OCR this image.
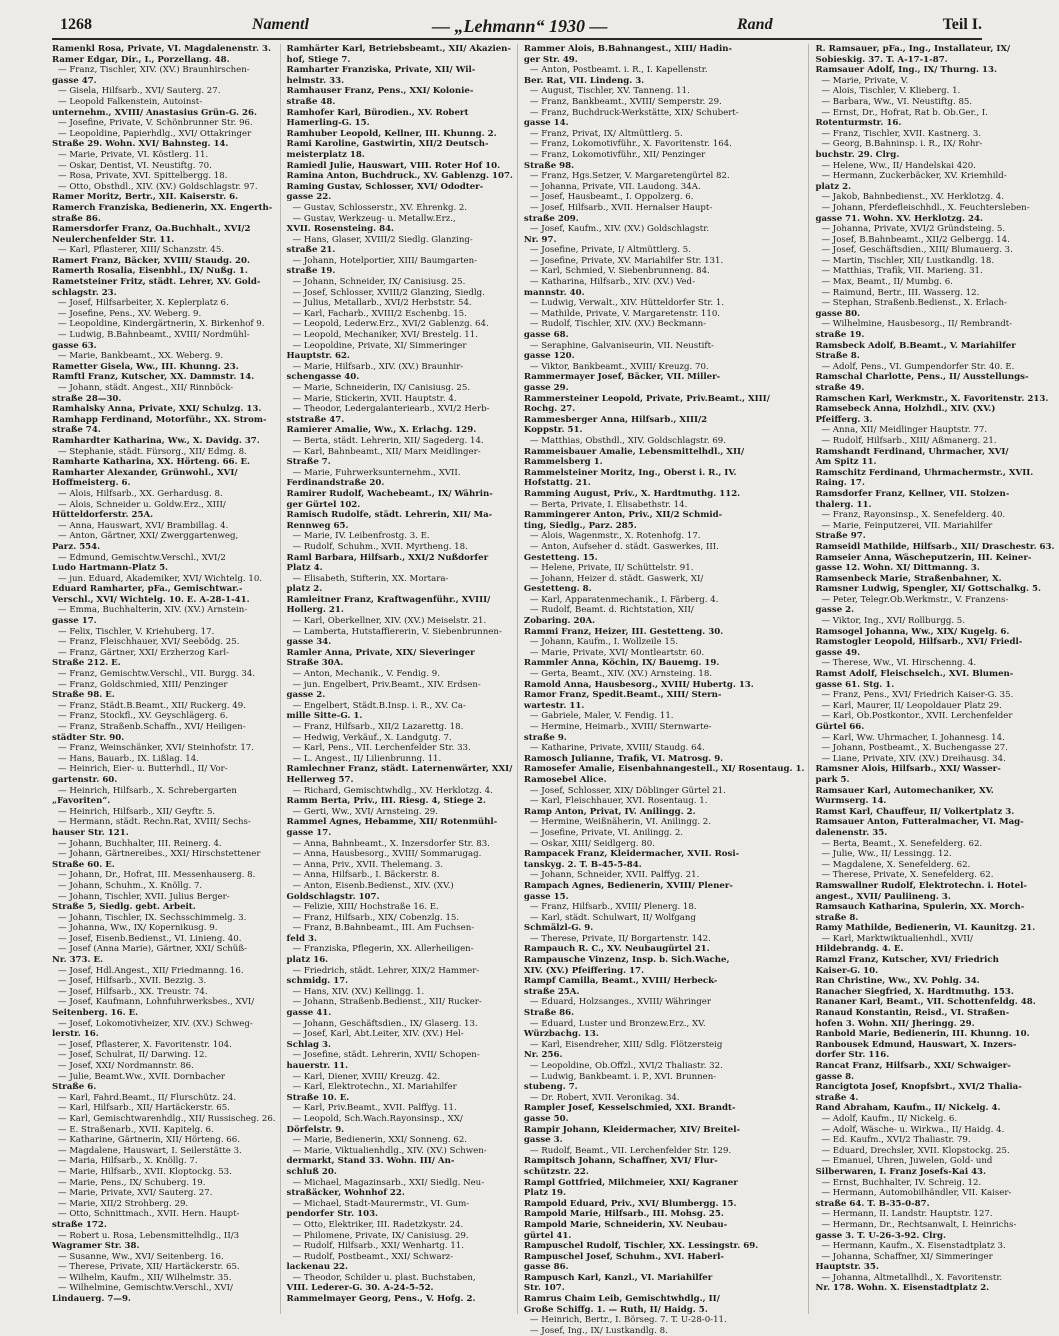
1268	Namentl	— „Lehmann“ 1930 —	Rand	Teil I.

Ramenkl Rosa, Private, VI. Magdalenenstr. 3.

Ramer Edgar, Dir., I., Porzellang. 48.

— Franz, Tischler, XIV. (XV.) Braunhirschen-

gasse 47.

— Gisela, Hilfsarb., XVI/ Sauterg. 27.

— Leopold Falkenstein, Autoinst-

unternehm., XVIII/ Anastasius Grün-G. 26.

— Josefine, Private, V. Schönbrunner Str. 96.

— Leopoldine, Papierhdlg., XVI/ Ottakringer

Straße 29. Wohn. XVI/ Bahnsteg. 14.

— Marie, Private, VI. Köstlerg. 11.

— Oskar, Dentist, VI. Neustiftg. 70.

— Rosa, Private, XVI. Spittelbergg. 18.

— Otto, Obsthdl., XIV. (XV.) Goldschlagstr. 97.

Ramer Moritz, Bertr., XII. Kaiserstr. 6.

Ramerch Franziska, Bedienerin, XX. Engerth-

straße 86.

Ramersdorfer Franz, Oa.Buchhalt., XVI/2

Neulerchenfelder Str. 11.

— Karl, Pflasterer, XIII/ Schanzstr. 45.

Ramert Franz, Bäcker, XVIII/ Staudg. 20.

Ramerth Rosalia, Eisenbhl., IX/ Nußg. 1.

Rametsteiner Fritz, städt. Lehrer, XV. Gold-

schlagstr. 23.

— Josef, Hilfsarbeiter, X. Keplerplatz 6.

— Josefine, Pens., XV. Weberg. 9.

— Leopoldine, Kindergärtnerin, X. Birkenhof 9.

— Ludwig, B.Bahnbeamt., XVIII/ Nordmühl-

gasse 63.

— Marie, Bankbeamt., XX. Weberg. 9.

Rametter Gisela, Ww., III. Khunng. 23.

Ramftl Franz, Kutscher, XX. Dammstr. 14.

— Johann, städt. Angest., XII/ Rinnböck-

straße 28—30.

Ramhalsky Anna, Private, XXI/ Schulzg. 13.

Ramhapp Ferdinand, Motorführ., XX. Strom-

straße 74.

Ramhardter Katharina, Ww., X. Davidg. 37.

— Stephanie, städt. Fürsorg., XII/ Edmg. 8.

Ramharte Katharina, XX. Hörteng. 66. E.

Ramharter Alexander, Grünwohl., XVI/

Hoffmeisterg. 6.

— Alois, Hilfsarb., XX. Gerhardusg. 8.

— Alois, Schneider u. Goldw.Erz., XIII/

Hütteldorferstr. 25A.

— Anna, Hauswart, XVI/ Brambillag. 4.

— Anton, Gärtner, XXI/ Zwerggartenweg,

Parz. 554.

— Edmund, Gemischtw.Verschl., XVI/2

Ludo Hartmann-Platz 5.

— jun. Eduard, Akademiker, XVI/ Wichtelg. 10.

Eduard Ramharter, pFa., Gemischtwar.-

Verschl., XVI/ Wichtelg. 10. E. A-28-1-41.

— Emma, Buchhalterin, XIV. (XV.) Arnstein-

gasse 17.

— Felix, Tischler, V. Kriehuberg. 17.

— Franz, Fleischhauer, XVI/ Seebödg. 25.

— Franz, Gärtner, XXI/ Erzherzog Karl-

Straße 212. E.

— Franz, Gemischtw.Verschl., VII. Burgg. 34.

— Franz, Goldschmied, XIII/ Penzinger

Straße 98. E.

— Franz, Städt.B.Beamt., XII/ Ruckerg. 49.

— Franz, Stockfl., XV. Geyschlägerg. 6.

— Franz, Straßenb.Schaffn., XVI/ Heiligen-

städter Str. 90.

— Franz, Weinschänker, XVI/ Steinhofstr. 17.

— Hans, Bauarb., IX. Lißlag. 14.

— Heinrich, Eier- u. Butterhdl., II/ Vor-

gartenstr. 60.

— Heinrich, Hilfsarb., X. Schrebergarten

„Favoriten“.

— Heinrich, Hilfsarb., XII/ Geyftr. 5.

— Hermann, städt. Rechn.Rat, XVIII/ Sechs-

hauser Str. 121.

— Johann, Buchhalter, III. Reinerg. 4.

— Johann, Gärtnereibes., XXI/ Hirschstettener

Straße 60. E.

— Johann, Dr., Hofrat, III. Messenhauserg. 8.

— Johann, Schuhm., X. Knöllg. 7.

— Johann, Tischler, XVII. Julius Berger-

Straße 5, Siedlg. gebt. Arbeit.

— Johann, Tischler, IX. Sechsschimmelg. 3.

— Johanna, Ww., IX/ Kopernikusg. 9.

— Josef, Eisenb.Bedienst., VI. Linieng. 40.

— Josef (Anna Marie), Gärtner, XXI/ Schüß-

Nr. 373. E.

— Josef, Hdl.Angest., XII/ Friedmanng. 16.

— Josef, Hilfsarb., XVII. Bezzig. 3.

— Josef, Hilfsarb., XX. Treustr. 74.

— Josef, Kaufmann, Lohnfuhrwerksbes., XVI/

Seitenberg. 16. E.

— Josef, Lokomotivheizer, XIV. (XV.) Schweg-

lerstr. 16.

— Josef, Pflasterer, X. Favoritenstr. 104.

— Josef, Schulrat, II/ Darwing. 12.

— Josef, XXI/ Nordmannstr. 86.

— Julie, Beamt.Ww., XVII. Dornbacher

Straße 6.

— Karl, Fahrd.Beamt., II/ Flurschütz. 24.

— Karl, Hilfsarb., XII/ Hartäckerstr. 65.

— Karl, Gemischtwarenhdlg., XII/ Russischeg. 26.

— E. Straßenarb., XVII. Kapitelg. 6.

— Katharine, Gärtnerin, XII/ Hörteng. 66.

— Magdalene, Hauswart, I. Seilerstätte 3.

— Maria, Hilfsarb., X. Knöllg. 7.

— Marie, Hilfsarb., XVII. Kloptockg. 53.

— Marie, Pens., IX/ Schuberg. 19.

— Marie, Private, XVI/ Sauterg. 27.

— Marie, XII/2 Strohberg. 29.

— Otto, Schnittmach., XVII. Hern. Haupt-

straße 172.

— Robert u. Rosa, Lebensmittelhdlg., II/3

Wagramer Str. 38.

— Susanne, Ww., XVI/ Seitenberg. 16.

— Therese, Private, XII/ Hartäckerstr. 65.

— Wilhelm, Kaufm., XII/ Wilhelmstr. 35.

— Wilhelmine, Gemischtw.Verschl., XVI/

Lindauerg. 7—9.

Ramhärter Karl, Betriebsbeamt., XII/ Akazien-

hof, Stiege 7.

Ramharter Franziska, Private, XII/ Wil-

helmstr. 33.

Ramhauser Franz, Pens., XXI/ Kolonie-

straße 48.

Ramhofer Karl, Bürodien., XV. Robert

Hamerling-G. 15.

Ramhuber Leopold, Kellner, III. Khunng. 2.

Rami Karoline, Gastwirtin, XII/2 Deutsch-

meisterplatz 18.

Ramiedl Julie, Hauswart, VIII. Roter Hof 10.

Ramina Anton, Buchdruck., XV. Gablenzg. 107.

Raming Gustav, Schlosser, XVI/ Ododter-

gasse 22.

— Gustav, Schlosserstr., XV. Ehrenkg. 2.

— Gustav, Werkzeug- u. Metallw.Erz.,

XVII. Rosensteing. 84.

— Hans, Glaser, XVIII/2 Siedlg. Glanzing-

straße 21.

— Johann, Hotelportier, XIII/ Baumgarten-

straße 19.

— Johann, Schneider, IX/ Canisiusg. 25.

— Josef, Schlosser, XVIII/2 Glanzing, Siedlg.

— Julius, Metallarb., XVI/2 Herbststr. 54.

— Karl, Facharb., XVIII/2 Eschenbg. 15.

— Leopold, Lederw.Erz., XVI/2 Gablenzg. 64.

— Leopold, Mechaniker, XVI/ Brestelg. 11.

— Leopoldine, Private, XI/ Simmeringer

Hauptstr. 62.

— Marie, Hilfsarb., XIV. (XV.) Braunhir-

schengasse 40.

— Marie, Schneiderin, IX/ Canisiusg. 25.

— Marie, Stickerin, XVII. Hauptstr. 4.

— Theodor, Ledergalanteriearb., XVI/2 Herb-

ststraße 47.

Ramierer Amalie, Ww., X. Erlachg. 129.

— Berta, städt. Lehrerin, XII/ Sagederg. 14.

— Karl, Bahnbeamt., XII/ Marx Meidlinger-

Straße 7.

— Marie, Fuhrwerksunternehm., XVII.

Ferdinandstraße 20.

Ramirer Rudolf, Wachebeamt., IX/ Währin-

ger Gürtel 102.

Ramisch Rudolfe, städt. Lehrerin, XII/ Ma-

Rennweg 65.

— Marie, IV. Leibenfrostg. 3. E.

— Rudolf, Schuhm., XVII. Myrtheng. 18.

Raml Barbara, Hilfsarb., XXI/2 Nußdorfer

Platz 4.

— Elisabeth, Stifterin, XX. Mortara-

platz 2.

Ramleitner Franz, Kraftwagenführ., XVIII/

Hollerg. 21.

— Karl, Oberkellner, XIV. (XV.) Meiselstr. 21.

— Lamberta, Hutstaffiererin, V. Siebenbrunnen-

gasse 34.

Ramler Anna, Private, XIX/ Sieveringer

Straße 30A.

— Anton, Mechanik., V. Fendig. 9.

— jun. Engelbert, Priv.Beamt., XIV. Erdsen-

gasse 2.

— Engelbert, Städt.B.Insp. i. R., XV. Ca-

mille Sitte-G. 1.

— Franz, Hilfsarb., XII/2 Lazarettg. 18.

— Hedwig, Verkäuf., X. Landgutg. 7.

— Karl, Pens., VII. Lerchenfelder Str. 33.

— L. Angest., II/ Lilienbrunng. 11.

Ramlechner Franz, städt. Laternenwärter, XXI/

Hellerweg 57.

— Richard, Gemischtwhdlg., XV. Herklotzg. 4.

Ramm Berta, Priv., III. Riesg. 4, Stiege 2.

— Gerti, Ww., XVI/ Arnsteing. 29.

Rammel Agnes, Hebamme, XII/ Rotenmühl-

gasse 17.

— Anna, Bahnbeamt., X. Inzersdorfer Str. 83.

— Anna, Hausbesorg., XVIII/ Sommarugag.

— Anna, Priv., XVII. Thelemang. 3.

— Anna, Hilfsarb., I. Bäckerstr. 8.

— Anton, Eisenb.Bedienst., XIV. (XV.)

Goldschlagstr. 107.

— Felizie, XIII/ Hochstraße 16. E.

— Franz, Hilfsarb., XIX/ Cobenzlg. 15.

— Franz, B.Bahnbeamt., III. Am Fuchsen-

feld 3.

— Franziska, Pflegerin, XX. Allerheiligen-

platz 16.

— Friedrich, städt. Lehrer, XIX/2 Hammer-

schmidg. 17.

— Hans, XIV. (XV.) Kellingg. 1.

— Johann, Straßenb.Bedienst., XII/ Rucker-

gasse 41.

— Johann, Geschäftsdien., IX/ Glaserg. 13.

— Josef, Karl, Abt.Leiter, XIV. (XV.) Hel-

Schlag 3.

— Josefine, städt. Lehrerin, XVII/ Schopen-

hauerstr. 11.

— Karl, Diener, XVIII/ Kreuzg. 42.

— Karl, Elektrotechn., XI. Mariahilfer

Straße 10. E.

— Karl, Priv.Beamt., XVII. Palffyg. 11.

— Leopold, Sch.Wach.Rayonsinsp., XX/

Dörfelstr. 9.

— Marie, Bedienerin, XXI/ Sonneng. 62.

— Marie, Viktualienhdlg., XIV. (XV.) Schwen-

dermarkt, Stand 33. Wohn. III/ An-

schluß 20.

— Michael, Magazinsarb., XXI/ Siedlg. Neu-

straßäcker, Wohnhof 22.

— Michael, Stadt-Maurermstr., VI. Gum-

pendorfer Str. 103.

— Otto, Elektriker, III. Radetzkystr. 24.

— Philomene, Private, IX/ Canisiusg. 29.

— Rudolf, Hilfsarb., XXI/ Wenhartg. 11.

— Rudolf, Postbeamt., XXI/ Schwarz-

lackenau 22.

— Theodor, Schilder u. plast. Buchstaben,

VIII. Lederer-G. 30. A-24-5-52.

Rammelmayer Georg, Pens., V. Hofg. 2.

Rammer Alois, B.Bahnangest., XIII/ Hadin-

ger Str. 49.

— Anton, Postbeamt. i. R., I. Kapellenstr.

Ber. Rat, VII. Lindeng. 3.

— August, Tischler, XV. Tanneng. 11.

— Franz, Bankbeamt., XVIII/ Semperstr. 29.

— Franz, Buchdruck-Werkstätte, XIX/ Schubert-

gasse 14.

— Franz, Privat, IX/ Altmüttlerg. 5.

— Franz, Lokomotivführ., X. Favoritenstr. 164.

— Franz, Lokomotivführ., XII/ Penzinger

Straße 98.

— Franz, Hgs.Setzer, V. Margaretengürtel 82.

— Johanna, Private, VII. Laudong. 34A.

— Josef, Hausbeamt., I. Oppolzerg. 6.

— Josef, Hilfsarb., XVII. Hernalser Haupt-

straße 209.

— Josef, Kaufm., XIV. (XV.) Goldschlagstr.

Nr. 97.

— Josefine, Private, I/ Altmüttlerg. 5.

— Josefine, Private, XV. Mariahilfer Str. 131.

— Karl, Schmied, V. Siebenbrunneng. 84.

— Katharina, Hilfsarb., XIV. (XV.) Ved-

mannstr. 40.

— Ludwig, Verwalt., XIV. Hütteldorfer Str. 1.

— Mathilde, Private, V. Margaretenstr. 110.

— Rudolf, Tischler, XIV. (XV.) Beckmann-

gasse 68.

— Seraphine, Galvaniseurin, VII. Neustift-

gasse 120.

— Viktor, Bankbeamt., XVIII/ Kreuzg. 70.

Rammermayer Josef, Bäcker, VII. Miller-

gasse 29.

Rammersteiner Leopold, Private, Priv.Beamt., XIII/

Rochg. 27.

Rammesberger Anna, Hilfsarb., XIII/2

Koppstr. 51.

— Matthias, Obsthdl., XIV. Goldschlagstr. 69.

Rammeisbauer Amalie, Lebensmittelhdl., XII/

Rammelsberg 1.

Rammelsteiner Moritz, Ing., Oberst i. R., IV.

Hofstattg. 21.

Ramming August, Priv., X. Hardtmuthg. 112.

— Berta, Private, I. Elisabethstr. 14.

Rammingerer Anton, Priv., XII/2 Schmid-

ting, Siedlg., Parz. 285.

— Alois, Wagenmstr., X. Rotenhofg. 17.

— Anton, Aufseher d. städt. Gaswerkes, III.

Gestetteng. 15.

— Helene, Private, II/ Schüttelstr. 91.

— Johann, Heizer d. städt. Gaswerk, XI/

Gestetteng. 8.

— Karl, Apparatenmechanik., I. Färberg. 4.

— Rudolf, Beamt. d. Richtstation, XII/

Zobaring. 20A.

Rammi Franz, Heizer, III. Gestetteng. 30.

— Johann, Kaufm., I. Wollzeile 15.

— Marie, Private, XVI/ Montleartstr. 60.

Rammler Anna, Köchin, IX/ Bauemg. 19.

— Gerta, Beamt., XIV. (XV.) Arnsteing. 18.

Ramold Anna, Hausbesorg., XVIII/ Hubertg. 13.

Ramor Franz, Spedit.Beamt., XIII/ Stern-

wartestr. 11.

— Gabriele, Maler, V. Fendig. 11.

— Hermine, Heimarb., XVIII/ Sternwarte-

straße 9.

— Katharine, Private, XVIII/ Staudg. 64.

Ramosch Julianne, Trafik, VI. Matrosg. 9.

Ramosefer Amalie, Eisenbahnangestell., XI/ Rosentaug. 1.

Ramosebel Alice.

— Josef, Schlosser, XIX/ Döblinger Gürtel 21.

— Karl, Fleischhauer, XVI. Rosentaug. 1.

Ramp Anton, Privat, IV. Anilingg. 2.

— Hermine, Weißnäherin, VI. Anilingg. 2.

— Josefine, Private, VI. Anilingg. 2.

— Oskar, XIII/ Seidlgerg. 80.

Rampacek Franz, Kleidermacher, XVII. Rosi-

tanskyg. 2. T. B-45-5-84.

— Johann, Schneider, XVII. Palffyg. 21.

Rampach Agnes, Bedienerin, XVIII/ Plener-

gasse 15.

— Franz, Hilfsarb., XVIII/ Plenerg. 18.

— Karl, städt. Schulwart, II/ Wolfgang

Schmälzl-G. 9.

— Therese, Private, II/ Borgartenstr. 142.

Rampauch R. C., XV. Neubaugürtel 21.

Rampausche Vinzenz, Insp. b. Sich.Wache,

XIV. (XV.) Pfeiffering. 17.

Rampf Camilla, Beamt., XVIII/ Herbeck-

straße 25A.

— Eduard, Holzsanges., XVIII/ Währinger

Straße 86.

— Eduard, Luster und Bronzew.Erz., XV.

Würzbachg. 13.

— Karl, Eisendreher, XIII/ Sdlg. Flötzersteig

Nr. 256.

— Leopoldine, Ob.Offzl., XVI/2 Thaliastr. 32.

— Ludwig, Bankbeamt. i. P., XVI. Brunnen-

stubeng. 7.

— Dr. Robert, XVII. Veronikag. 34.

Rampler Josef, Kesselschmied, XXI. Brandt-

gasse 50.

Rampir Johann, Kleidermacher, XIV/ Breitel-

gasse 3.

— Rudolf, Beamt., VII. Lerchenfelder Str. 129.

Rampitsch Johann, Schaffner, XVI/ Flur-

schützstr. 22.

Rampl Gottfried, Milchmeier, XXI/ Kagraner

Platz 19.

Rampold Eduard, Priv., XVI/ Blumbergg. 15.

Rampold Marie, Hilfsarb., III. Mohsg. 25.

Rampold Marie, Schneiderin, XV. Neubau-

gürtel 41.

Rampuschel Rudolf, Tischler, XX. Lessingstr. 69.

Rampuschel Josef, Schuhm., XVI. Haberl-

gasse 86.

Rampusch Karl, Kanzl., VI. Mariahilfer

Str. 107.

Ramrus Chaim Leib, Gemischtwhdlg., II/

Große Schiffg. 1. — Ruth, II/ Haidg. 5.

— Heinrich, Bertr., I. Börseg. 7. T. U-28-0-11.

— Josef, Ing., IX/ Lustkandlg. 8.

R. Ramsauer, pFa., Ing., Installateur, IX/

Sobieskig. 37. T. A-17-1-87.

Ramsauer Adolf, Ing., IX/ Thurng. 13.

— Marie, Private, V.

— Alois, Tischler, V. Klieberg. 1.

— Barbara, Ww., VI. Neustiftg. 85.

— Ernst, Dr., Hofrat, Rat b. Ob.Ger., I.

Rotenturmstr. 16.

— Franz, Tischler, XVII. Kastnerg. 3.

— Georg, B.Bahninsp. i. R., IX/ Rohr-

buchstr. 29. Clrg.

— Helene, Ww., II/ Handelskai 420.

— Hermann, Zuckerbäcker, XV. Kriemhild-

platz 2.

— Jakob, Bahnbedienst., XV. Herklotzg. 4.

— Johann, Pferdefleischhdl., X. Feuchtersleben-

gasse 71. Wohn. XV. Herklotzg. 24.

— Johanna, Private, XVI/2 Gründsteing. 5.

— Josef, B.Bahnbeamt., XII/2 Gelbergg. 14.

— Josef, Geschäftsdien., XIII/ Blumauerg. 3.

— Martin, Tischler, XII/ Lustkandlg. 18.

— Matthias, Trafik, VII. Marieng. 31.

— Max, Beamt., II/ Mumbg. 6.

— Raimund, Bertr., III. Wasserg. 12.

— Stephan, Straßenb.Bedienst., X. Erlach-

gasse 80.

— Wilhelmine, Hausbesorg., II/ Rembrandt-

straße 19.

Ramsbeck Adolf, B.Beamt., V. Mariahilfer

Straße 8.

— Adolf, Pens., VI. Gumpendorfer Str. 40. E.

Ramschal Charlotte, Pens., II/ Ausstellungs-

straße 49.

Ramschen Karl, Werkmstr., X. Favoritenstr. 213.

Ramsebeck Anna, Holzhdl., XIV. (XV.)

Pfeifferg. 3.

— Anna, XII/ Meidlinger Hauptstr. 77.

— Rudolf, Hilfsarb., XIII/ Aßmanerg. 21.

Ramshandt Ferdinand, Uhrmacher, XVI/

Am Spitz 11.

Ramschitz Ferdinand, Uhrmachermstr., XVII.

Raing. 17.

Ramsdorfer Franz, Kellner, VII. Stolzen-

thalerg. 11.

— Franz, Rayonsinsp., X. Senefelderg. 40.

— Marie, Feinputzerei, VII. Mariahilfer

Straße 97.

Ramseidl Mathilde, Hilfsarb., XII/ Draschestr. 63.

Ramseier Anna, Wäscheputzerin, III. Keiner-

gasse 12. Wohn. XI/ Dittmanng. 3.

Ramsenbeck Marie, Straßenbahner, X.

Ramsner Ludwig, Spengler, XI/ Gottschalkg. 5.

— Peter, Telegr.Ob.Werkmstr., V. Franzens-

gasse 2.

— Viktor, Ing., XVI/ Rollburgg. 5.

Ramsogel Johanna, Ww., XIX/ Kugelg. 6.

Ramstogler Leopold, Hilfsarb., XVI/ Friedl-

gasse 49.

— Therese, Ww., VI. Hirschenng. 4.

Ramst Adolf, Fleischselch., XVI. Blumen-

gasse 61. Stg. 1.

— Franz, Pens., XVI/ Friedrich Kaiser-G. 35.

— Karl, Maurer, II/ Leopoldauer Platz 29.

— Karl, Ob.Postkontor., XVII. Lerchenfelder

Gürtel 66.

— Karl, Ww. Uhrmacher, I. Johannesg. 14.

— Johann, Postbeamt., X. Buchengasse 27.

— Liane, Private, XIV. (XV.) Dreihausg. 34.

Ramsner Alois, Hilfsarb., XXI/ Wasser-

park 5.

Ramsauer Karl, Automechaniker, XV.

Wurmserg. 14.

Ramst Karl, Chauffeur, II/ Volkertplatz 3.

Ramsauer Anton, Futteralmacher, VI. Mag-

dalenenstr. 35.

— Berta, Beamt., X. Senefelderg. 62.

— Julie, Ww., II/ Lessingg. 12.

— Magdalene, X. Senefelderg. 62.

— Therese, Private, X. Senefelderg. 62.

Ramswallner Rudolf, Elektrotechn. i. Hotel-

angest., XVII/ Pauliineng. 3.

Ramsauch Katharina, Spulerin, XX. Morch-

straße 8.

Ramy Mathilde, Bedienerin, VI. Kaunitzg. 21.

— Karl, Marktwiktualienhdl., XVII/

Hildebrandg. 4. E.

Ramzl Franz, Kutscher, XVI/ Friedrich

Kaiser-G. 10.

Ran Christine, Ww., XV. Pohlg. 34.

Ranacher Siegfried, X. Hardtmuthg. 153.

Rananer Karl, Beamt., VII. Schottenfeldg. 48.

Ranaud Konstantin, Reisd., VI. Straßen-

hofen 3. Wohn. XII/ Jheringg. 29.

Ranbold Marie, Bedienerin, III. Khunng. 10.

Ranbousek Edmund, Hauswart, X. Inzers-

dorfer Str. 116.

Rancat Franz, Hilfsarb., XXI/ Schwaiger-

gasse 8.

Rancigtota Josef, Knopfsbrt., XVI/2 Thalia-

straße 4.

Rand Abraham, Kaufm., II/ Nickelg. 4.

— Adolf, Kaufm., II/ Nickelg. 6.

— Adolf, Wäsche- u. Wirkwa., II/ Haidg. 4.

— Ed. Kaufm., XVI/2 Thaliastr. 79.

— Eduard, Drechsler, XVII. Klopstockg. 25.

— Emanuel, Uhren, Juwelen, Gold- und

Silberwaren, I. Franz Josefs-Kai 43.

— Ernst, Buchhalter, IV. Schreig. 12.

— Hermann, Automobilhändler, VII. Kaiser-

straße 64. T. B-35-0-87.

— Hermann, II. Landstr. Hauptstr. 127.

— Hermann, Dr., Rechtsanwalt, I. Heinrichs-

gasse 3. T. U-26-3-92. Clrg.

— Hermann, Kaufm., X. Eisenstadtplatz 3.

— Johanna, Schaffner, XI/ Simmeringer

Hauptstr. 35.

— Johanna, Altmetallhdl., X. Favoritenstr.

Nr. 178. Wohn. X. Eisenstadtplatz 2.
